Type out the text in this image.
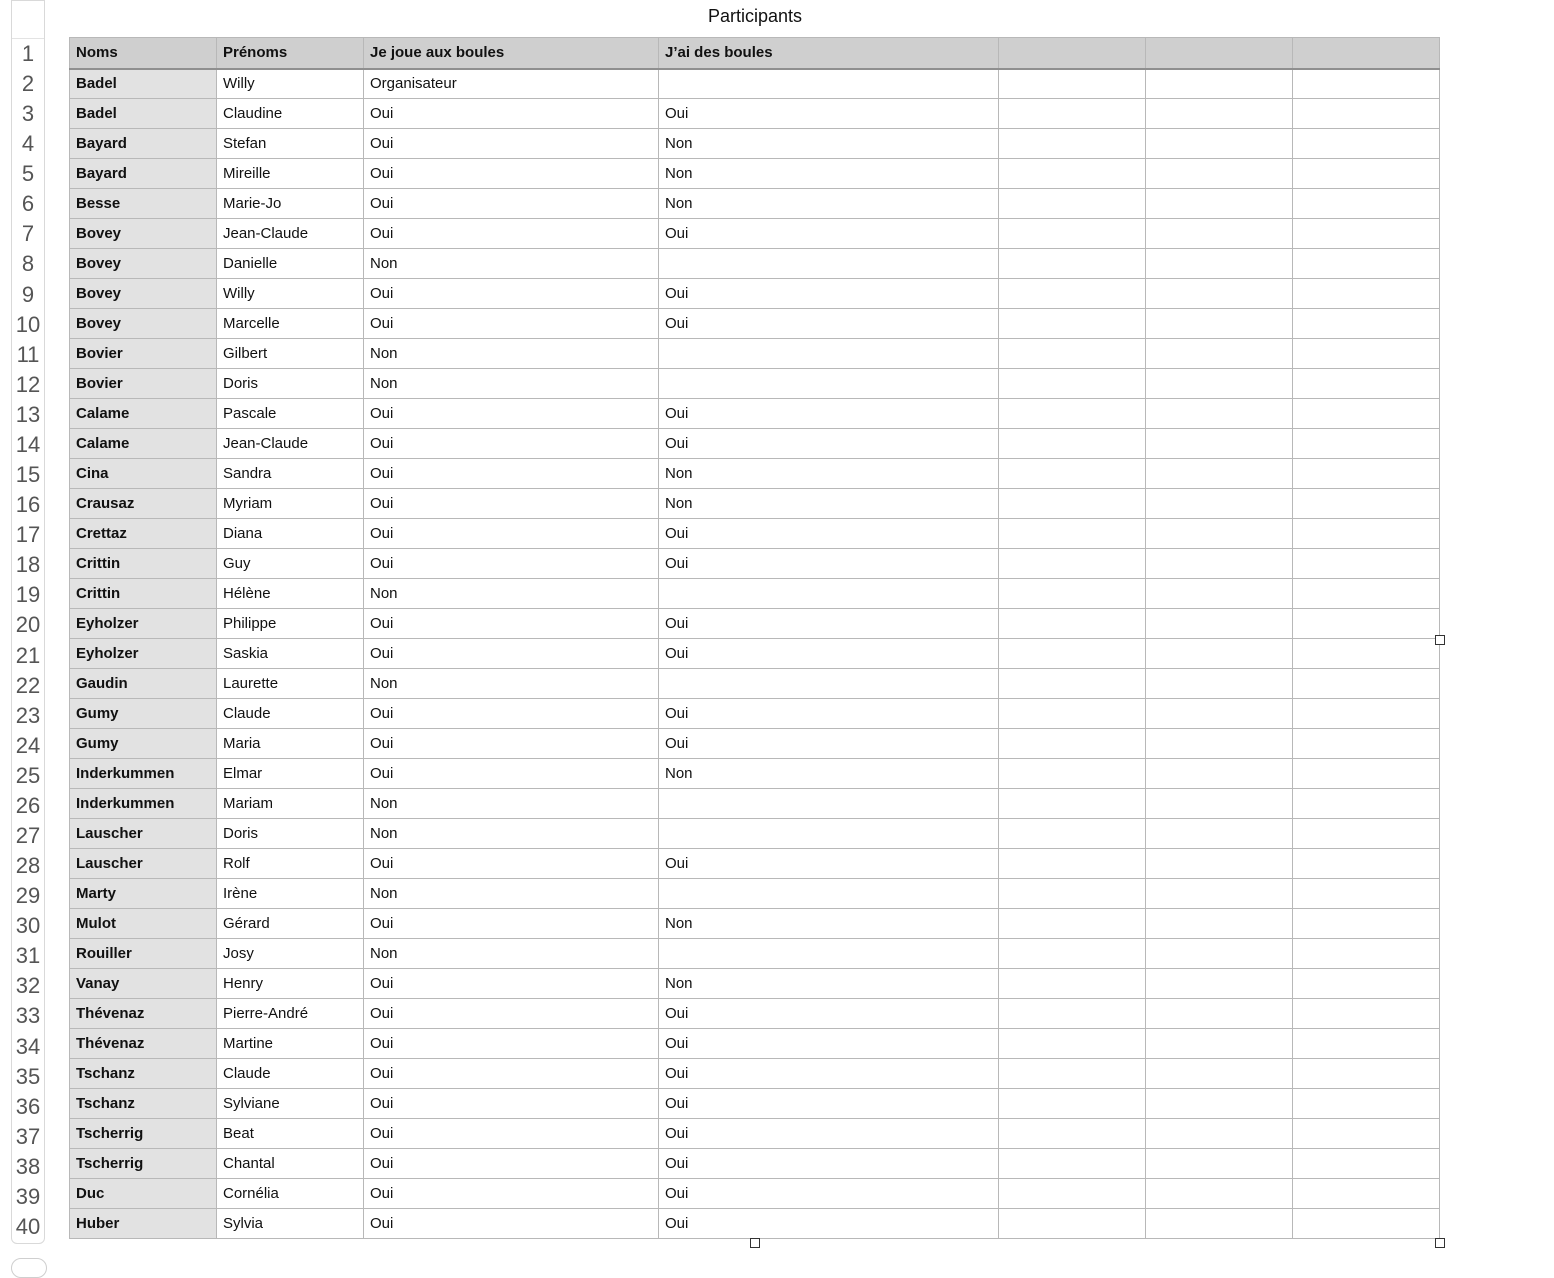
1
2
3
4
5
6
7
8
9
10
11
12
13
14
15
16
17
18
19
20
21
22
23
24
25
26
27
28
29
30
31
32
33
34
35
36
37
38
39
40
Participants
Noms	Prénoms	Je joue aux boules	J’ai des boules			
Badel	Willy	Organisateur				
Badel	Claudine	Oui	Oui			
Bayard	Stefan	Oui	Non			
Bayard	Mireille	Oui	Non			
Besse	Marie-Jo	Oui	Non			
Bovey	Jean-Claude	Oui	Oui			
Bovey	Danielle	Non				
Bovey	Willy	Oui	Oui			
Bovey	Marcelle	Oui	Oui			
Bovier	Gilbert	Non				
Bovier	Doris	Non				
Calame	Pascale	Oui	Oui			
Calame	Jean-Claude	Oui	Oui			
Cina	Sandra	Oui	Non			
Crausaz	Myriam	Oui	Non			
Crettaz	Diana	Oui	Oui			
Crittin	Guy	Oui	Oui			
Crittin	Hélène	Non				
Eyholzer	Philippe	Oui	Oui			
Eyholzer	Saskia	Oui	Oui			
Gaudin	Laurette	Non				
Gumy	Claude	Oui	Oui			
Gumy	Maria	Oui	Oui			
Inderkummen	Elmar	Oui	Non			
Inderkummen	Mariam	Non				
Lauscher	Doris	Non				
Lauscher	Rolf	Oui	Oui			
Marty	Irène	Non				
Mulot	Gérard	Oui	Non			
Rouiller	Josy	Non				
Vanay	Henry	Oui	Non			
Thévenaz	Pierre-André	Oui	Oui			
Thévenaz	Martine	Oui	Oui			
Tschanz	Claude	Oui	Oui			
Tschanz	Sylviane	Oui	Oui			
Tscherrig	Beat	Oui	Oui			
Tscherrig	Chantal	Oui	Oui			
Duc	Cornélia	Oui	Oui			
Huber	Sylvia	Oui	Oui			
